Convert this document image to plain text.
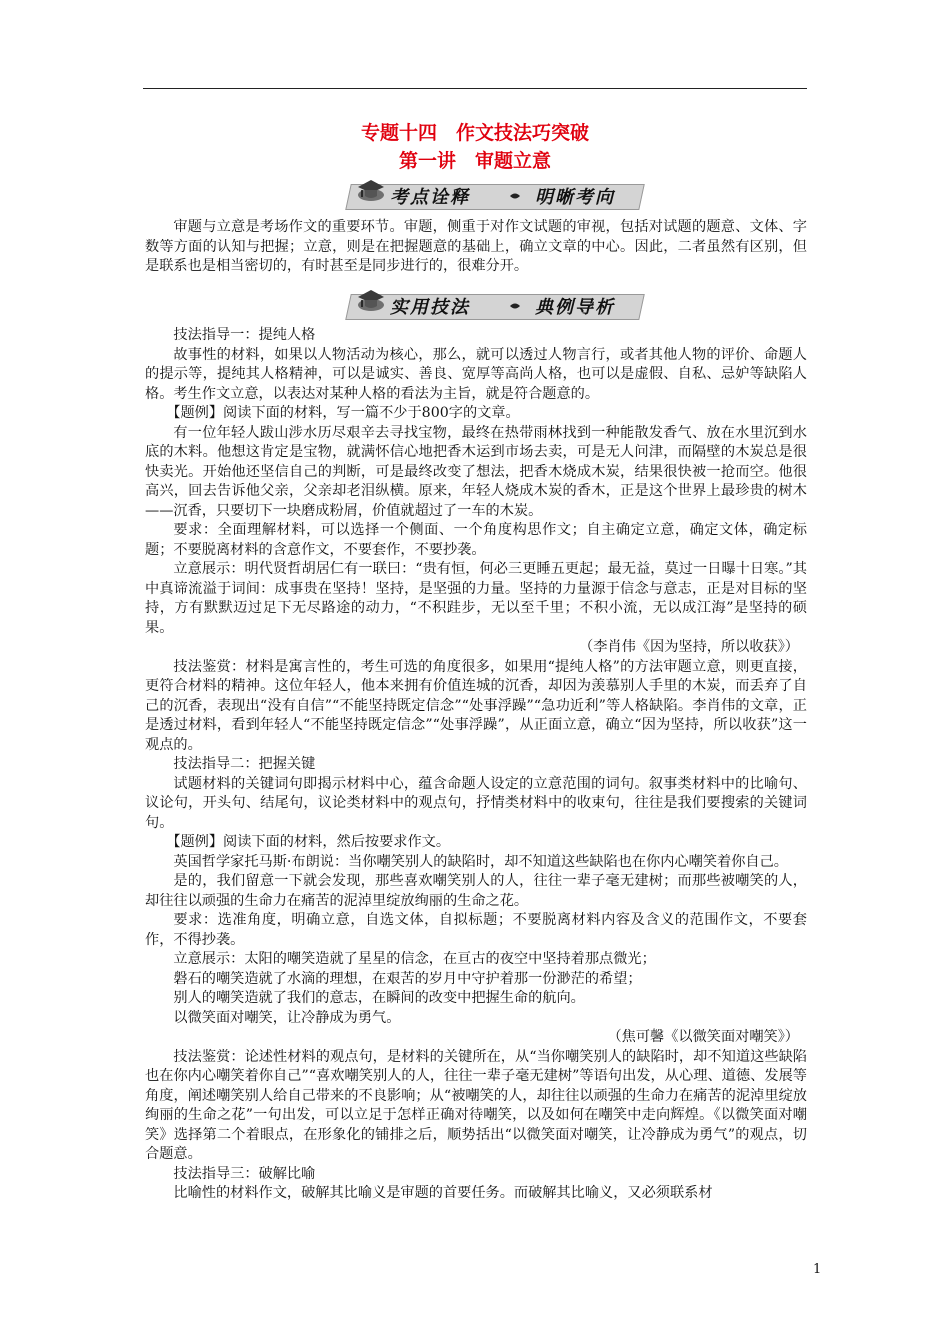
专题十四　作文技法巧突破
第一讲　审题立意
考点诠释	明晰考向

审题与立意是考场作文的重要环节。审题，侧重于对作文试题的审视，包括对试题的题意、文体、字数等方面的认知与把握；立意，则是在把握题意的基础上，确立文章的中心。因此，二者虽然有区别，但是联系也是相当密切的，有时甚至是同步进行的，很难分开。

实用技法	典例导析

技法指导一：提纯人格

故事性的材料，如果以人物活动为核心，那么，就可以透过人物言行，或者其他人物的评价、命题人的提示等，提纯其人格精神，可以是诚实、善良、宽厚等高尚人格，也可以是虚假、自私、忌妒等缺陷人格。考生作文立意，以表达对某种人格的看法为主旨，就是符合题意的。

【题例】阅读下面的材料，写一篇不少于800字的文章。

有一位年轻人跋山涉水历尽艰辛去寻找宝物，最终在热带雨林找到一种能散发香气、放在水里沉到水底的木料。他想这肯定是宝物，就满怀信心地把香木运到市场去卖，可是无人问津，而隔壁的木炭总是很快卖光。开始他还坚信自己的判断，可是最终改变了想法，把香木烧成木炭，结果很快被一抢而空。他很高兴，回去告诉他父亲，父亲却老泪纵横。原来，年轻人烧成木炭的香木，正是这个世界上最珍贵的树木——沉香，只要切下一块磨成粉屑，价值就超过了一车的木炭。

要求：全面理解材料，可以选择一个侧面、一个角度构思作文；自主确定立意，确定文体，确定标题；不要脱离材料的含意作文，不要套作，不要抄袭。

立意展示：明代贤哲胡居仁有一联曰：“贵有恒，何必三更睡五更起；最无益，莫过一日曝十日寒。”其中真谛流溢于词间：成事贵在坚持！坚持，是坚强的力量。坚持的力量源于信念与意志，正是对目标的坚持，方有默默迈过足下无尽路途的动力，“不积跬步，无以至千里；不积小流，无以成江海”是坚持的硕果。

（李肖伟《因为坚持，所以收获》）

技法鉴赏：材料是寓言性的，考生可选的角度很多，如果用“提纯人格”的方法审题立意，则更直接，更符合材料的精神。这位年轻人，他本来拥有价值连城的沉香，却因为羡慕别人手里的木炭，而丢弃了自己的沉香，表现出“没有自信”“不能坚持既定信念”“处事浮躁”“急功近利”等人格缺陷。李肖伟的文章，正是透过材料，看到年轻人“不能坚持既定信念”“处事浮躁”，从正面立意，确立“因为坚持，所以收获”这一观点的。

技法指导二：把握关键

试题材料的关键词句即揭示材料中心，蕴含命题人设定的立意范围的词句。叙事类材料中的比喻句、议论句，开头句、结尾句，议论类材料中的观点句，抒情类材料中的收束句，往往是我们要搜索的关键词句。

【题例】阅读下面的材料，然后按要求作文。

英国哲学家托马斯·布朗说：当你嘲笑别人的缺陷时，却不知道这些缺陷也在你内心嘲笑着你自己。

是的，我们留意一下就会发现，那些喜欢嘲笑别人的人，往往一辈子毫无建树；而那些被嘲笑的人，却往往以顽强的生命力在痛苦的泥淖里绽放绚丽的生命之花。

要求：选准角度，明确立意，自选文体，自拟标题；不要脱离材料内容及含义的范围作文，不要套作，不得抄袭。

立意展示：太阳的嘲笑造就了星星的信念，在亘古的夜空中坚持着那点微光；

磐石的嘲笑造就了水滴的理想，在艰苦的岁月中守护着那一份渺茫的希望；

别人的嘲笑造就了我们的意志，在瞬间的改变中把握生命的航向。

以微笑面对嘲笑，让冷静成为勇气。

（焦可馨《以微笑面对嘲笑》）

技法鉴赏：论述性材料的观点句，是材料的关键所在，从“当你嘲笑别人的缺陷时，却不知道这些缺陷也在你内心嘲笑着你自己”“喜欢嘲笑别人的人，往往一辈子毫无建树”等语句出发，从心理、道德、发展等角度，阐述嘲笑别人给自己带来的不良影响；从“被嘲笑的人，却往往以顽强的生命力在痛苦的泥淖里绽放绚丽的生命之花”一句出发，可以立足于怎样正确对待嘲笑，以及如何在嘲笑中走向辉煌。《以微笑面对嘲笑》选择第二个着眼点，在形象化的铺排之后，顺势括出“以微笑面对嘲笑，让冷静成为勇气”的观点，切合题意。

技法指导三：破解比喻

比喻性的材料作文，破解其比喻义是审题的首要任务。而破解其比喻义，又必须联系材

1
